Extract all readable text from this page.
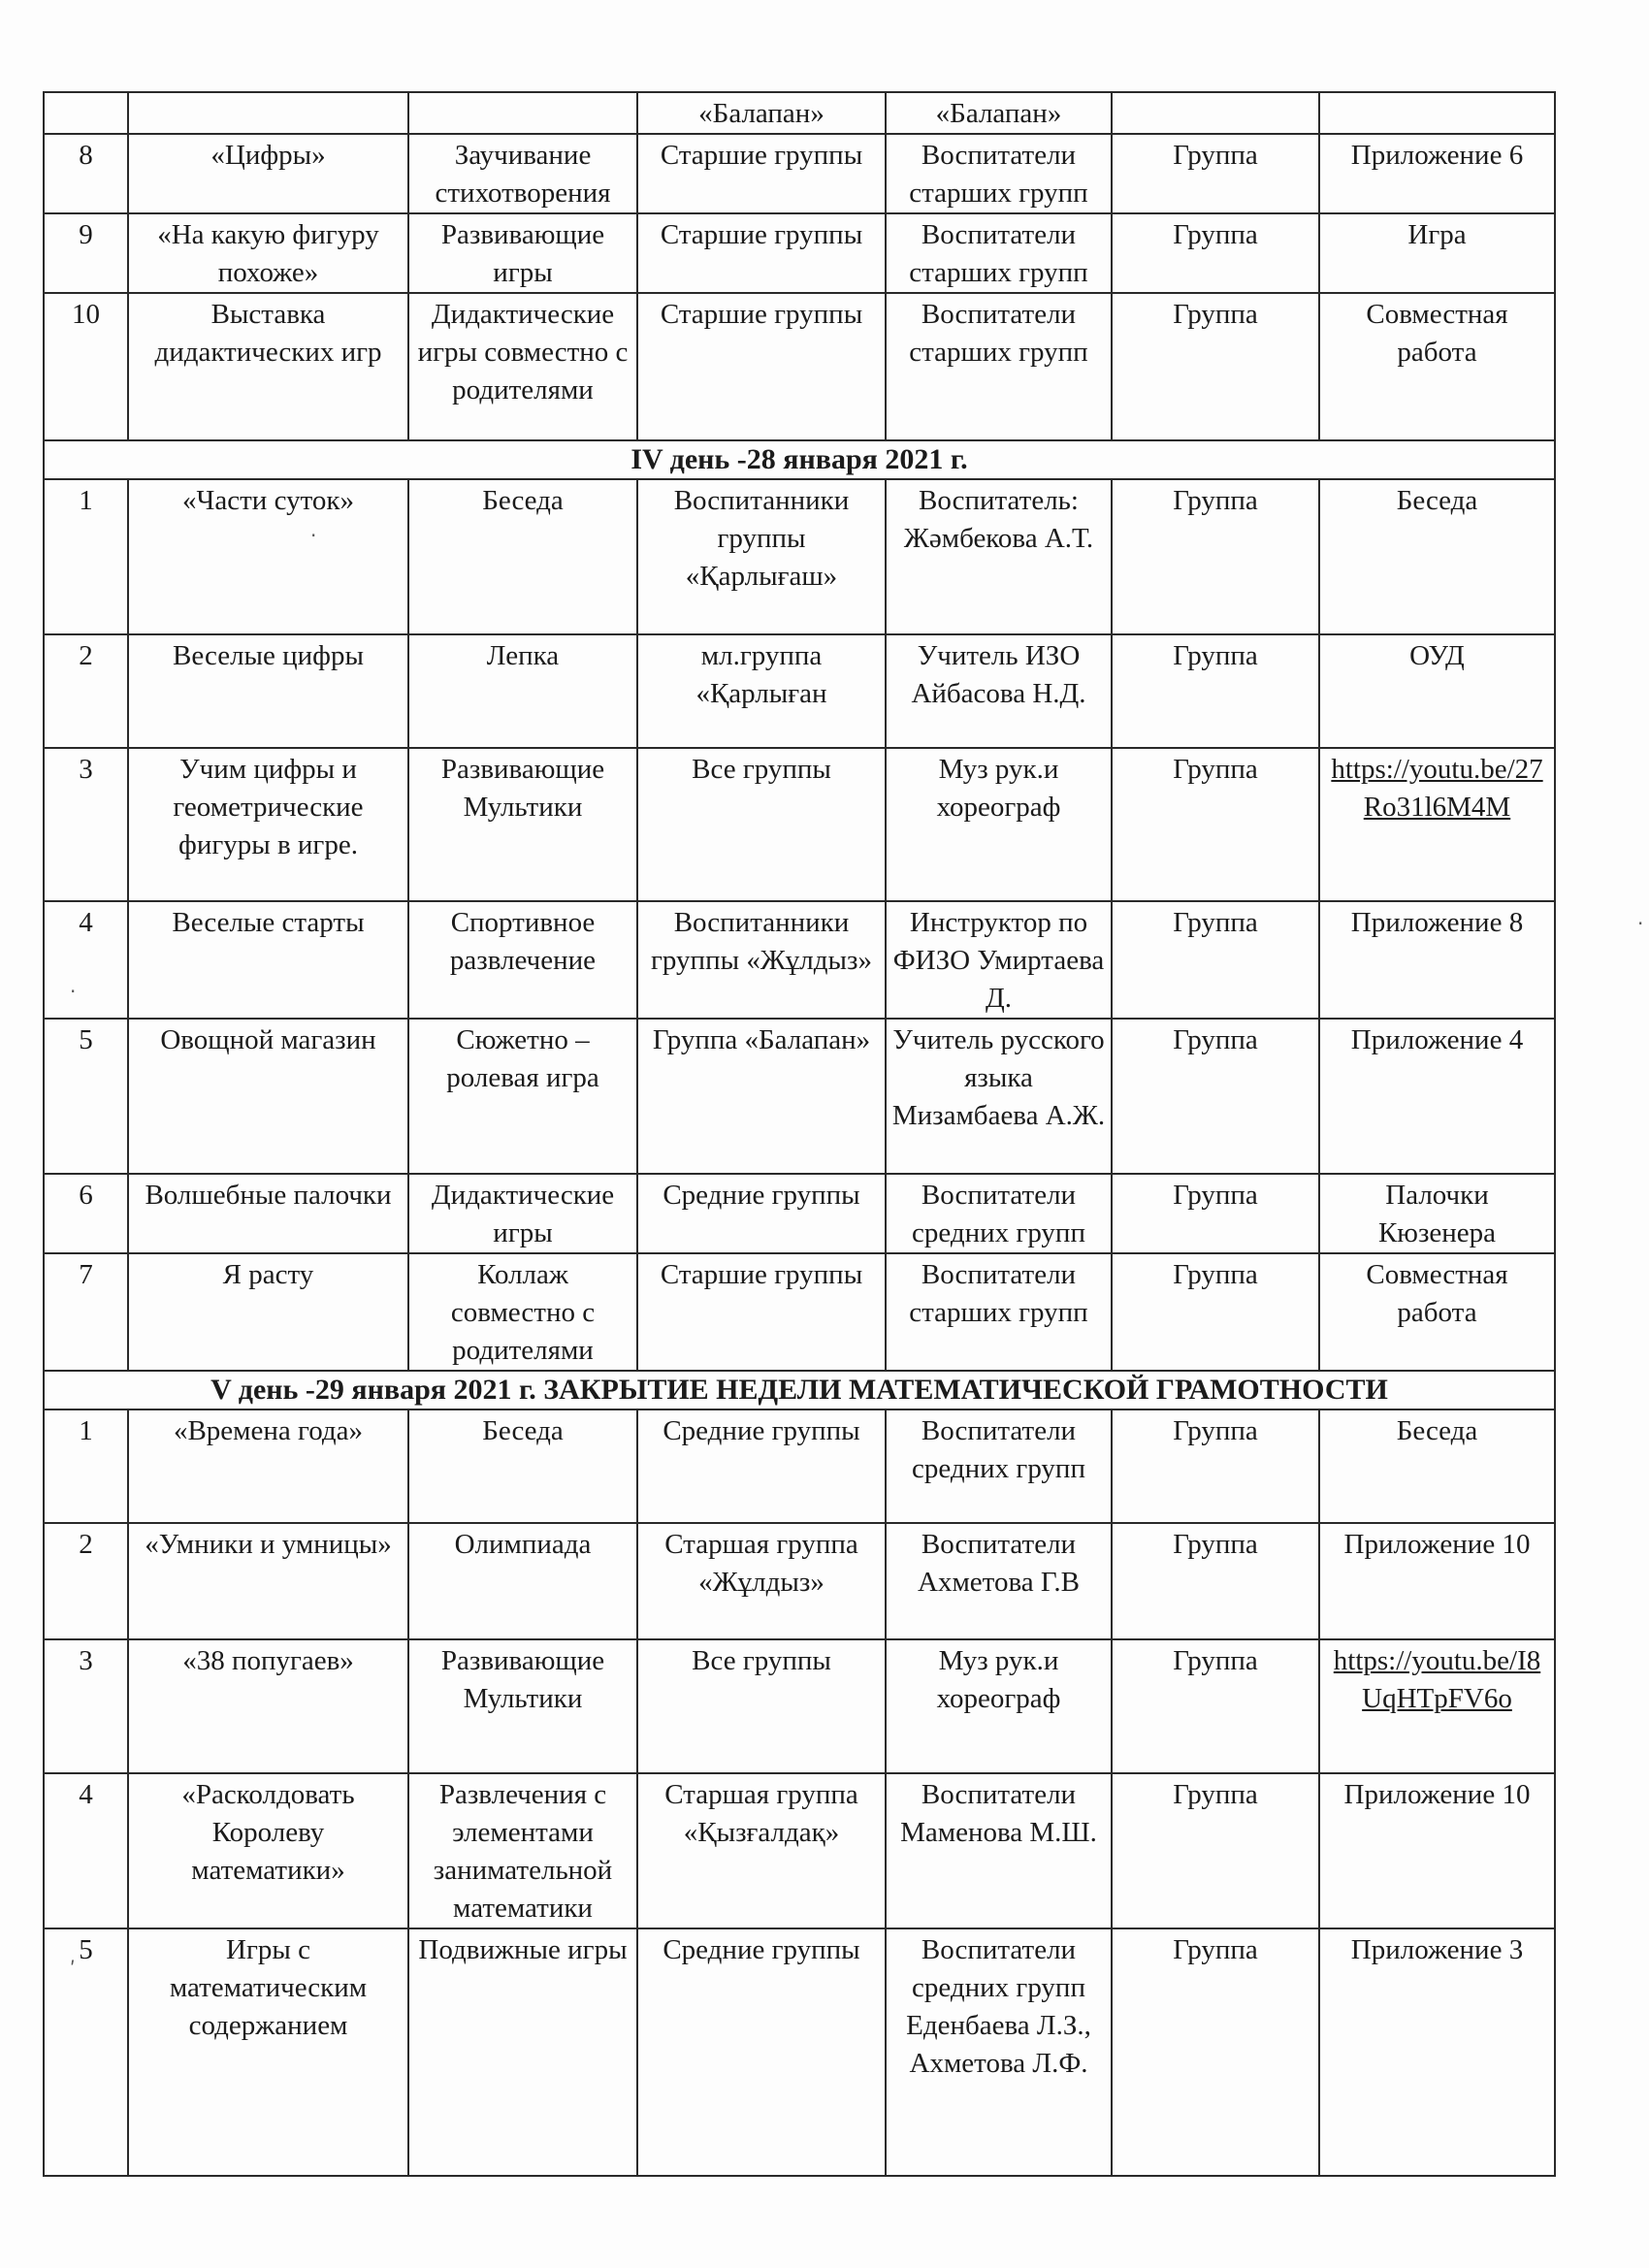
			«Балапан»	«Балапан»		
8	«Цифры»	Заучивание стихотворения	Старшие группы	Воспитатели старших групп	Группа	Приложение 6
9	«На какую фигуру похоже»	Развивающие игры	Старшие группы	Воспитатели старших групп	Группа	Игра
10	Выставка дидактических игр	Дидактические игры совместно с родителями	Старшие группы	Воспитатели старших групп	Группа	Совместная работа
IV день -28 января 2021 г.						
1	«Части суток»	Беседа	Воспитанники группы «Қарлығаш»	Воспитатель: Жәмбекова А.Т.	Группа	Беседа
2	Веселые цифры	Лепка	мл.группа «Қарлыған	Учитель ИЗО Айбасова Н.Д.	Группа	ОУД
3	Учим цифры и геометрические фигуры в игре.	Развивающие Мультики	Все группы	Муз рук.и хореограф	Группа	https://youtu.be/27Ro31l6M4M
4	Веселые старты	Спортивное развлечение	Воспитанники группы «Жұлдыз»	Инструктор по ФИЗО Умиртаева Д.	Группа	Приложение 8
5	Овощной магазин	Сюжетно – ролевая игра	Группа «Балапан»	Учитель русского языка Мизамбаева А.Ж.	Группа	Приложение 4
6	Волшебные палочки	Дидактические игры	Средние группы	Воспитатели средних групп	Группа	Палочки Кюзенера
7	Я расту	Коллаж совместно с родителями	Старшие группы	Воспитатели старших групп	Группа	Совместная работа
V день -29 января 2021 г. ЗАКРЫТИЕ НЕДЕЛИ МАТЕМАТИЧЕСКОЙ ГРАМОТНОСТИ						
1	«Времена года»	Беседа	Средние группы	Воспитатели средних групп	Группа	Беседа
2	«Умники и умницы»	Олимпиада	Старшая группа «Жұлдыз»	Воспитатели Ахметова Г.В	Группа	Приложение 10
3	«38 попугаев»	Развивающие Мультики	Все группы	Муз рук.и хореограф	Группа	https://youtu.be/I8UqHTpFV6o
4	«Расколдовать Королеву математики»	Развлечения с элементами занимательной математики	Старшая группа «Қызғалдақ»	Воспитатели Маменова М.Ш.	Группа	Приложение 10
5	Игры с математическим содержанием	Подвижные игры	Средние группы	Воспитатели средних групп Еденбаева Л.З., Ахметова Л.Ф.	Группа	Приложение 3
·
·
·
ʹ
